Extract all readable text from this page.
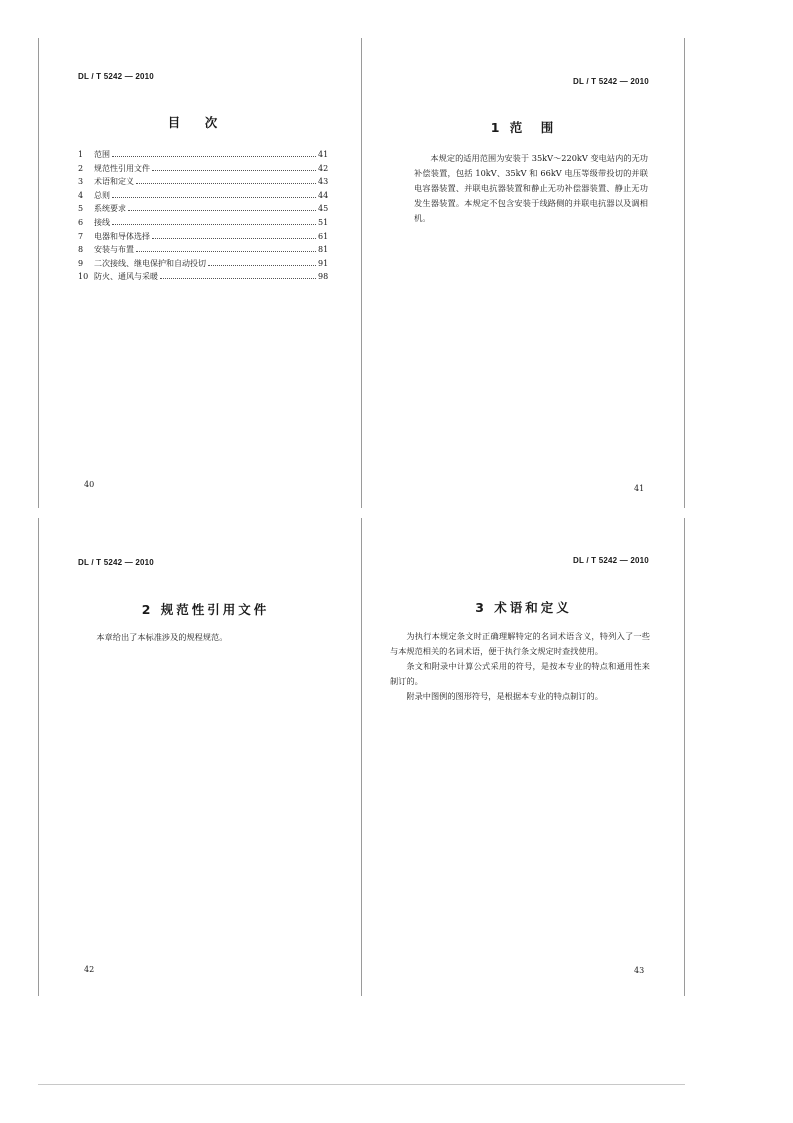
DL / T 5242 — 2010
目　次
1	范围	41
2	规范性引用文件	42
3	术语和定义	43
4	总则	44
5	系统要求	45
6	接线	51
7	电器和导体选择	61
8	安装与布置	81
9	二次接线、继电保护和自动投切	91
10 防火、通风与采暖	98
40
DL / T 5242 — 2010
1 范　围

本规定的适用范围为安装于 35kV～220kV 变电站内的无功补偿装置，包括 10kV、35kV 和 66kV 电压等级带投切的并联电容器装置、并联电抗器装置和静止无功补偿器装置、静止无功发生器装置。本规定不包含安装于线路侧的并联电抗器以及调相机。

41
DL / T 5242 — 2010
2 规范性引用文件

本章给出了本标准涉及的规程规范。

42
DL / T 5242 — 2010
3 术语和定义

为执行本规定条文时正确理解特定的名词术语含义，特列入了一些与本规范相关的名词术语，便于执行条文规定时查找使用。

条文和附录中计算公式采用的符号，是按本专业的特点和通用性来制订的。

附录中图例的图形符号，是根据本专业的特点制订的。

43
